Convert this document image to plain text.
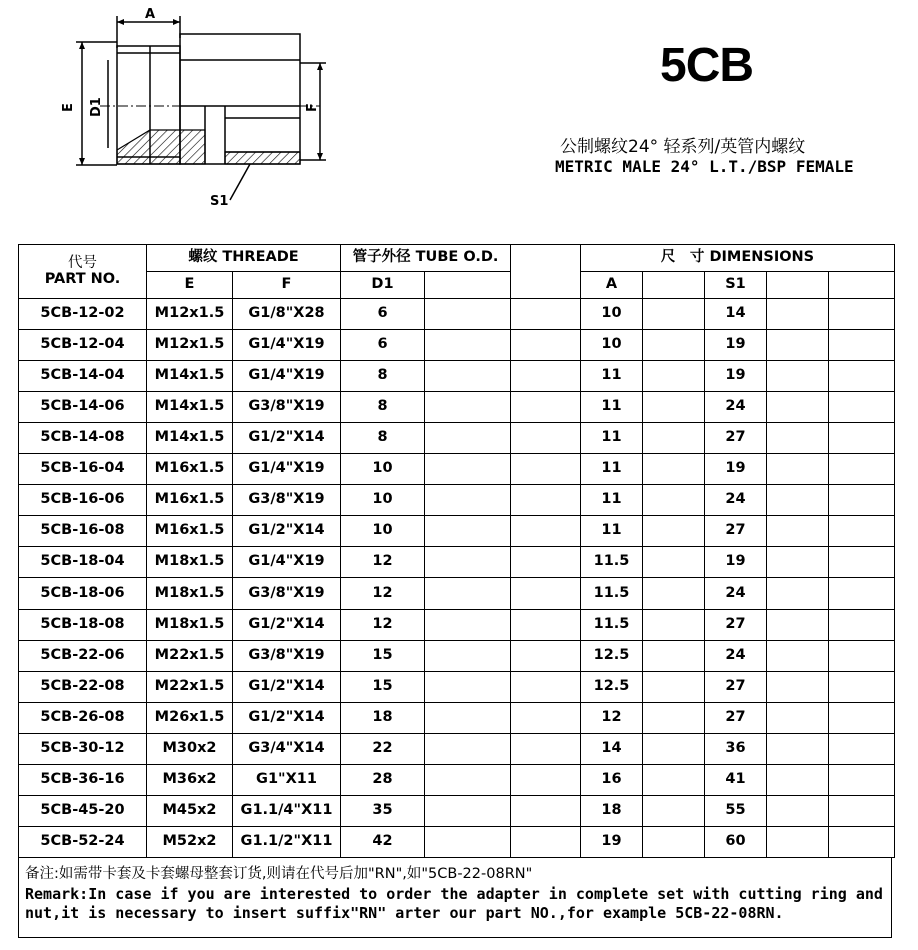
A
E D1	F
S1
5CB
公制螺纹24° 轻系列/英管内螺纹
METRIC MALE 24° L.T./BSP FEMALE
代号
PART NO.	螺纹 THREADE		管子外径 TUBE O.D.			尺　寸 DIMENSIONS				
	E	F	D1			A		S1		
5CB-12-02	M12x1.5	G1/8"X28	6			10		14		
5CB-12-04	M12x1.5	G1/4"X19	6			10		19		
5CB-14-04	M14x1.5	G1/4"X19	8			11		19		
5CB-14-06	M14x1.5	G3/8"X19	8			11		24		
5CB-14-08	M14x1.5	G1/2"X14	8			11		27		
5CB-16-04	M16x1.5	G1/4"X19	10			11		19		
5CB-16-06	M16x1.5	G3/8"X19	10			11		24		
5CB-16-08	M16x1.5	G1/2"X14	10			11		27		
5CB-18-04	M18x1.5	G1/4"X19	12			11.5		19		
5CB-18-06	M18x1.5	G3/8"X19	12			11.5		24		
5CB-18-08	M18x1.5	G1/2"X14	12			11.5		27		
5CB-22-06	M22x1.5	G3/8"X19	15			12.5		24		
5CB-22-08	M22x1.5	G1/2"X14	15			12.5		27		
5CB-26-08	M26x1.5	G1/2"X14	18			12		27		
5CB-30-12	M30x2	G3/4"X14	22			14		36		
5CB-36-16	M36x2	G1"X11	28			16		41		
5CB-45-20	M45x2	G1.1/4"X11	35			18		55		
5CB-52-24	M52x2	G1.1/2"X11	42			19		60		
备注:如需带卡套及卡套螺母整套订货,则请在代号后加"RN",如"5CB-22-08RN"
Remark:In case if you are interested to order the adapter in complete set with cutting ring and
nut,it is necessary to insert suffix"RN" arter our part NO.,for example 5CB-22-08RN.
